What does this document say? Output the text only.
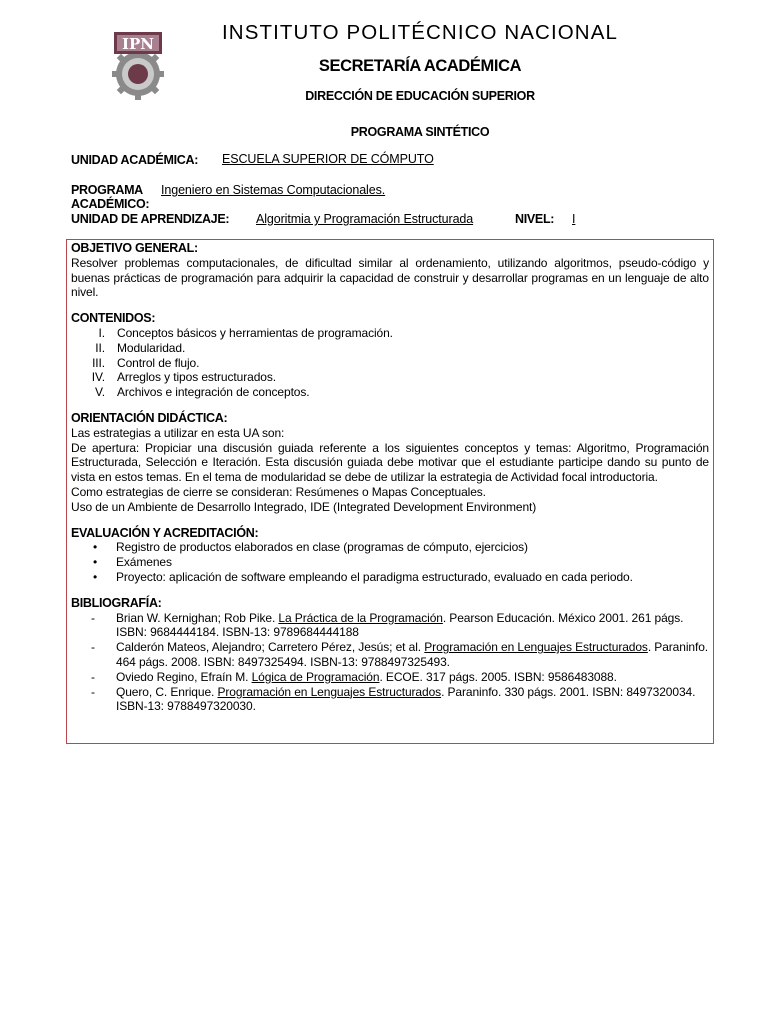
IPN	INSTITUTO POLITÉCNICO NACIONAL
SECRETARÍA ACADÉMICA
DIRECCIÓN DE EDUCACIÓN SUPERIOR
PROGRAMA SINTÉTICO
UNIDAD ACADÉMICA: ESCUELA SUPERIOR DE CÓMPUTO
PROGRAMA
ACADÉMICO:
Ingeniero en Sistemas Computacionales.
UNIDAD DE APRENDIZAJE: Algoritmia y Programación Estructurada	NIVEL: I
OBJETIVO GENERAL:

Resolver problemas computacionales, de dificultad similar al ordenamiento, utilizando algoritmos, pseudo-código y buenas prácticas de programación para adquirir la capacidad de construir y desarrollar programas en un lenguaje de alto nivel.

CONTENIDOS:
I. Conceptos básicos y herramientas de programación.
II. Modularidad.
III. Control de flujo.
IV. Arreglos y tipos estructurados.
V. Archivos e integración de conceptos.
ORIENTACIÓN DIDÁCTICA:

Las estrategias a utilizar en esta UA son:

De apertura: Propiciar una discusión guiada referente a los siguientes conceptos y temas: Algoritmo, Programación Estructurada, Selección e Iteración. Esta discusión guiada debe motivar que el estudiante participe dando su punto de vista en estos temas. En el tema de modularidad se debe de utilizar la estrategia de Actividad focal introductoria.

Como estrategias de cierre se consideran: Resúmenes o Mapas Conceptuales.

Uso de un Ambiente de Desarrollo Integrado, IDE (Integrated Development Environment)

EVALUACIÓN Y ACREDITACIÓN:
• Registro de productos elaborados en clase (programas de cómputo, ejercicios)
• Exámenes
• Proyecto: aplicación de software empleando el paradigma estructurado, evaluado en cada periodo.
BIBLIOGRAFÍA:
- Brian W. Kernighan; Rob Pike. La Práctica de la Programación. Pearson Educación. México 2001. 261 págs. ISBN: 9684444184. ISBN-13: 9789684444188
- Calderón Mateos, Alejandro; Carretero Pérez, Jesús; et al. Programación en Lenguajes Estructurados. Paraninfo. 464 págs. 2008. ISBN: 8497325494. ISBN-13: 9788497325493.
- Oviedo Regino, Efraín M. Lógica de Programación. ECOE. 317 págs. 2005. ISBN: 9586483088.
- Quero, C. Enrique. Programación en Lenguajes Estructurados. Paraninfo. 330 págs. 2001. ISBN: 8497320034. ISBN-13: 9788497320030.
